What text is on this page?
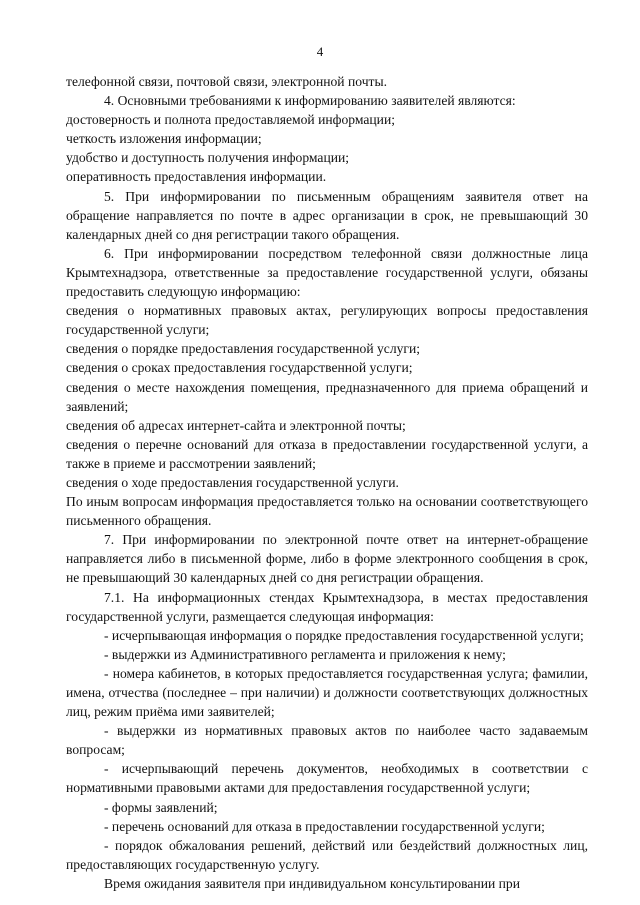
4

телефонной связи, почтовой связи, электронной почты.

4. Основными требованиями к информированию заявителей являются:

достоверность и полнота предоставляемой информации;

четкость изложения информации;

удобство и доступность получения информации;

оперативность предоставления информации.

5. При информировании по письменным обращениям заявителя ответ на обращение направляется по почте в адрес организации в срок, не превышающий 30 календарных дней со дня регистрации такого обращения.

6. При информировании посредством телефонной связи должностные лица Крымтехнадзора, ответственные за предоставление государственной услуги, обязаны предоставить следующую информацию:

сведения о нормативных правовых актах, регулирующих вопросы предоставления государственной услуги;

сведения о порядке предоставления государственной услуги;

сведения о сроках предоставления государственной услуги;

сведения о месте нахождения помещения, предназначенного для приема обращений и заявлений;

сведения об адресах интернет-сайта и электронной почты;

сведения о перечне оснований для отказа в предоставлении государственной услуги, а также в приеме и рассмотрении заявлений;

сведения о ходе предоставления государственной услуги.

По иным вопросам информация предоставляется только на основании соответствующего письменного обращения.

7. При информировании по электронной почте ответ на интернет-обращение направляется либо в письменной форме, либо в форме электронного сообщения в срок, не превышающий 30 календарных дней со дня регистрации обращения.

7.1. На информационных стендах Крымтехнадзора, в местах предоставления государственной услуги, размещается следующая информация:

- исчерпывающая информация о порядке предоставления государственной услуги;

- выдержки из Административного регламента и приложения к нему;

- номера кабинетов, в которых предоставляется государственная услуга; фамилии, имена, отчества (последнее – при наличии) и должности соответствующих должностных лиц, режим приёма ими заявителей;

- выдержки из нормативных правовых актов по наиболее часто задаваемым вопросам;

- исчерпывающий перечень документов, необходимых в соответствии с нормативными правовыми актами для предоставления государственной услуги;

- формы заявлений;

- перечень оснований для отказа в предоставлении государственной услуги;

- порядок обжалования решений, действий или бездействий должностных лиц, предоставляющих государственную услугу.

Время ожидания заявителя при индивидуальном консультировании при
